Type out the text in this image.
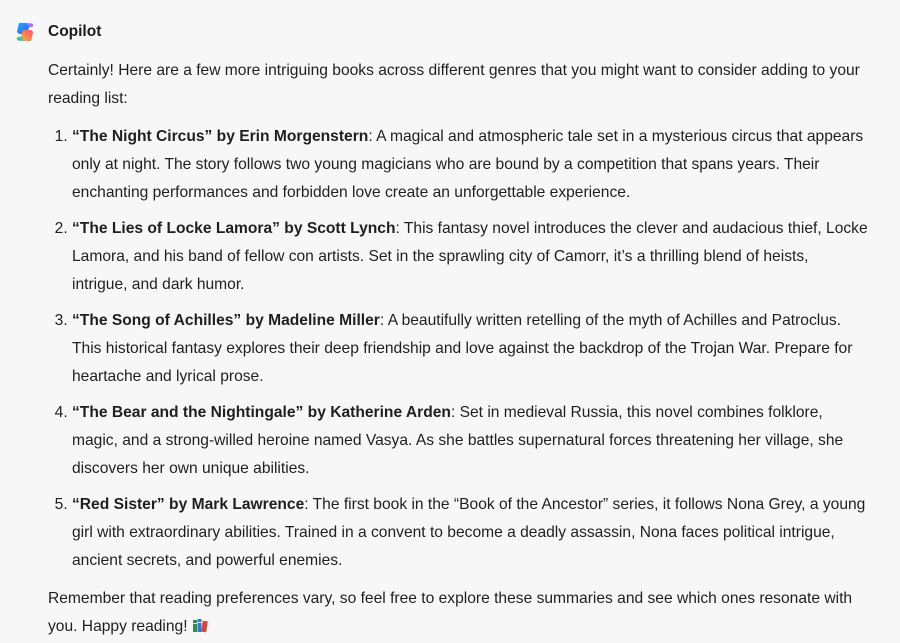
Copilot

Certainly! Here are a few more intriguing books across different genres that you might want to consider adding to your reading list:

1. “The Night Circus” by Erin Morgenstern: A magical and atmospheric tale set in a mysterious circus that appears only at night. The story follows two young magicians who are bound by a competition that spans years. Their enchanting performances and forbidden love create an unforgettable experience.
2. “The Lies of Locke Lamora” by Scott Lynch: This fantasy novel introduces the clever and audacious thief, Locke Lamora, and his band of fellow con artists. Set in the sprawling city of Camorr, it’s a thrilling blend of heists, intrigue, and dark humor.
3. “The Song of Achilles” by Madeline Miller: A beautifully written retelling of the myth of Achilles and Patroclus. This historical fantasy explores their deep friendship and love against the backdrop of the Trojan War. Prepare for heartache and lyrical prose.
4. “The Bear and the Nightingale” by Katherine Arden: Set in medieval Russia, this novel combines folklore, magic, and a strong-willed heroine named Vasya. As she battles supernatural forces threatening her village, she discovers her own unique abilities.
5. “Red Sister” by Mark Lawrence: The first book in the “Book of the Ancestor” series, it follows Nona Grey, a young girl with extraordinary abilities. Trained in a convent to become a deadly assassin, Nona faces political intrigue, ancient secrets, and powerful enemies.

Remember that reading preferences vary, so feel free to explore these summaries and see which ones resonate with you. Happy reading!
